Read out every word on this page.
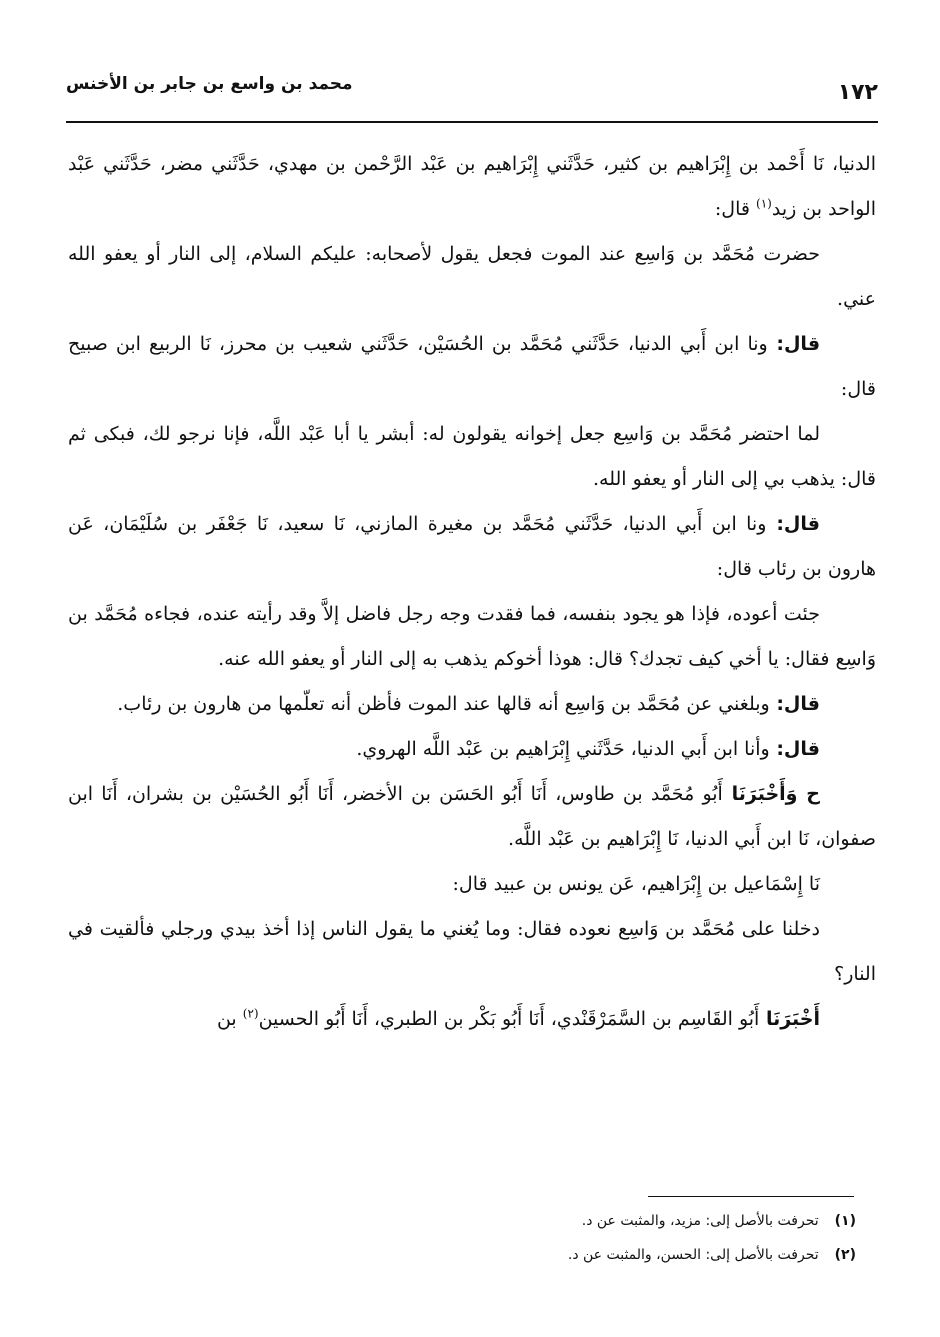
١٧٢
محمد بن واسع بن جابر بن الأخنس

الدنيا، نَا أَحْمد بن إِبْرَاهيم بن كثير، حَدَّثَني إِبْرَاهيم بن عَبْد الرَّحْمن بن مهدي، حَدَّثَني مضر، حَدَّثَني عَبْد الواحد بن زيد$^{(١)}$ قال:

حضرت مُحَمَّد بن وَاسِع عند الموت فجعل يقول لأصحابه: عليكم السلام، إلى النار أو يعفو الله عني.

قال: ونا ابن أَبي الدنيا، حَدَّثَني مُحَمَّد بن الحُسَيْن، حَدَّثَني شعيب بن محرز، نَا الربيع ابن صبيح قال:

لما احتضر مُحَمَّد بن وَاسِع جعل إخوانه يقولون له: أبشر يا أبا عَبْد اللَّه، فإنا نرجو لك، فبكى ثم قال: يذهب بي إلى النار أو يعفو الله.

قال: ونا ابن أَبي الدنيا، حَدَّثَني مُحَمَّد بن مغيرة المازني، نَا سعيد، نَا جَعْفَر بن سُلَيْمَان، عَن هارون بن رئاب قال:

جئت أعوده، فإذا هو يجود بنفسه، فما فقدت وجه رجل فاضل إلاَّ وقد رأيته عنده، فجاءه مُحَمَّد بن وَاسِع فقال: يا أخي كيف تجدك؟ قال: هوذا أخوكم يذهب به إلى النار أو يعفو الله عنه.

قال: وبلغني عن مُحَمَّد بن وَاسِع أنه قالها عند الموت فأظن أنه تعلّمها من هارون بن رئاب.

قال: وأنا ابن أَبي الدنيا، حَدَّثَني إِبْرَاهيم بن عَبْد اللَّه الهروي.

ح وَأَخْبَرَنَا أَبُو مُحَمَّد بن طاوس، أَنَا أَبُو الحَسَن بن الأخضر، أَنَا أَبُو الحُسَيْن بن بشران، أَنَا ابن صفوان، نَا ابن أَبي الدنيا، نَا إِبْرَاهيم بن عَبْد اللَّه.

نَا إِسْمَاعيل بن إِبْرَاهيم، عَن يونس بن عبيد قال:

دخلنا على مُحَمَّد بن وَاسِع نعوده فقال: وما يُغني ما يقول الناس إذا أخذ بيدي ورجلي فألقيت في النار؟

أَخْبَرَنَا أَبُو القَاسِم بن السَّمَرْقَنْدي، أَنَا أَبُو بَكْر بن الطبري، أَنَا أَبُو الحسين$^{(٢)}$ بن

(١)
تحرفت بالأصل إلى: مزيد، والمثبت عن د.
(٢)
تحرفت بالأصل إلى: الحسن، والمثبت عن د.
